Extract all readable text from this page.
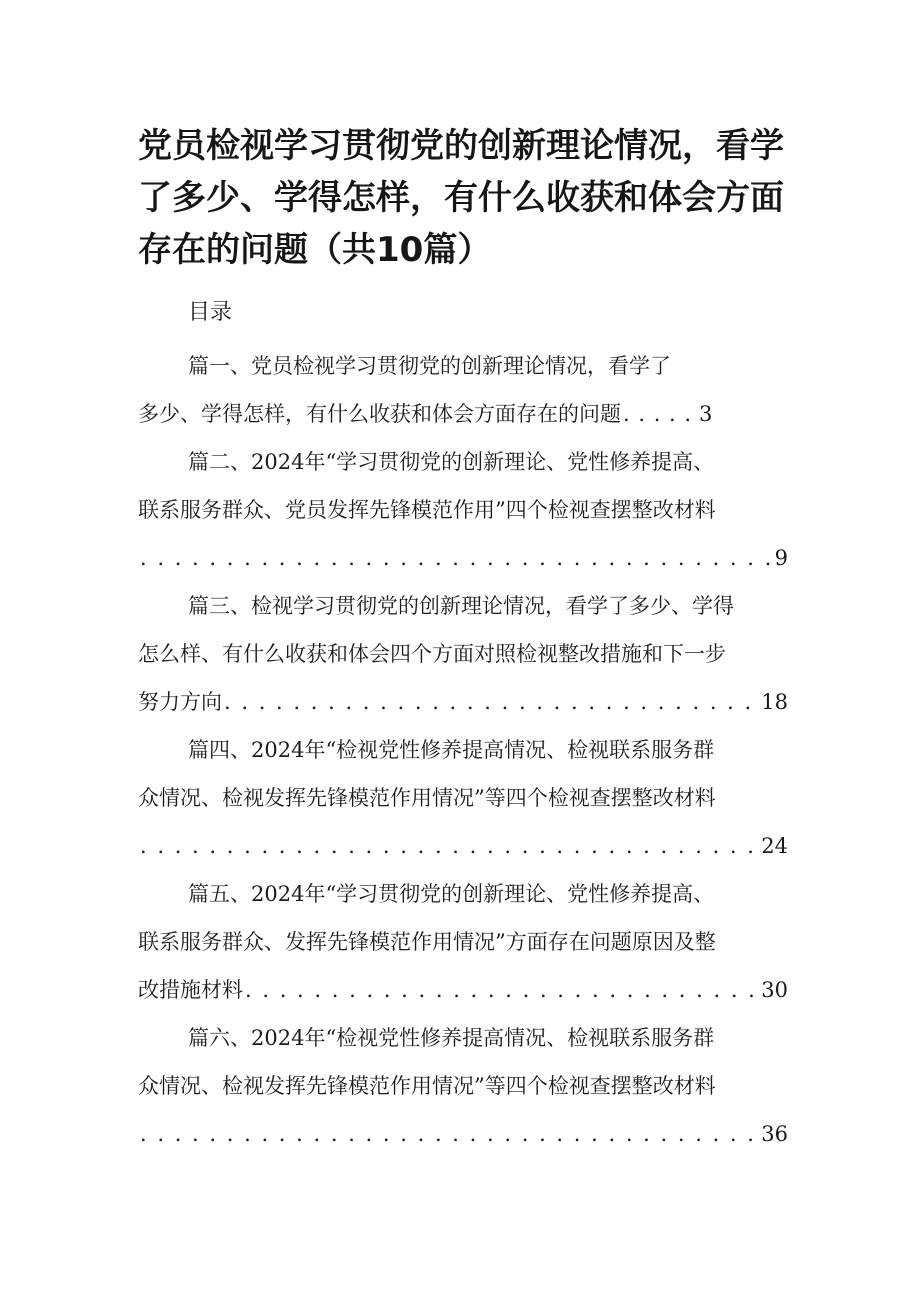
党员检视学习贯彻党的创新理论情况，看学了多少、学得怎样，有什么收获和体会方面存在的问题（共10篇）
目录
篇一、党员检视学习贯彻党的创新理论情况，看学了
多少、学得怎样，有什么收获和体会方面存在的问题 . . .	3
篇二、2024年“学习贯彻党的创新理论、党性修养提高、
联系服务群众、党员发挥先锋模范作用”四个检视查摆整改材料
. . .
9
篇三、检视学习贯彻党的创新理论情况，看学了多少、学得
怎么样、有什么收获和体会四个方面对照检视整改措施和下一步
努力方向 . . .	18
篇四、2024年“检视党性修养提高情况、检视联系服务群
众情况、检视发挥先锋模范作用情况”等四个检视查摆整改材料
. . .
24
篇五、2024年“学习贯彻党的创新理论、党性修养提高、
联系服务群众、发挥先锋模范作用情况”方面存在问题原因及整
改措施材料 . . .	30
篇六、2024年“检视党性修养提高情况、检视联系服务群
众情况、检视发挥先锋模范作用情况”等四个检视查摆整改材料
. . .
36
